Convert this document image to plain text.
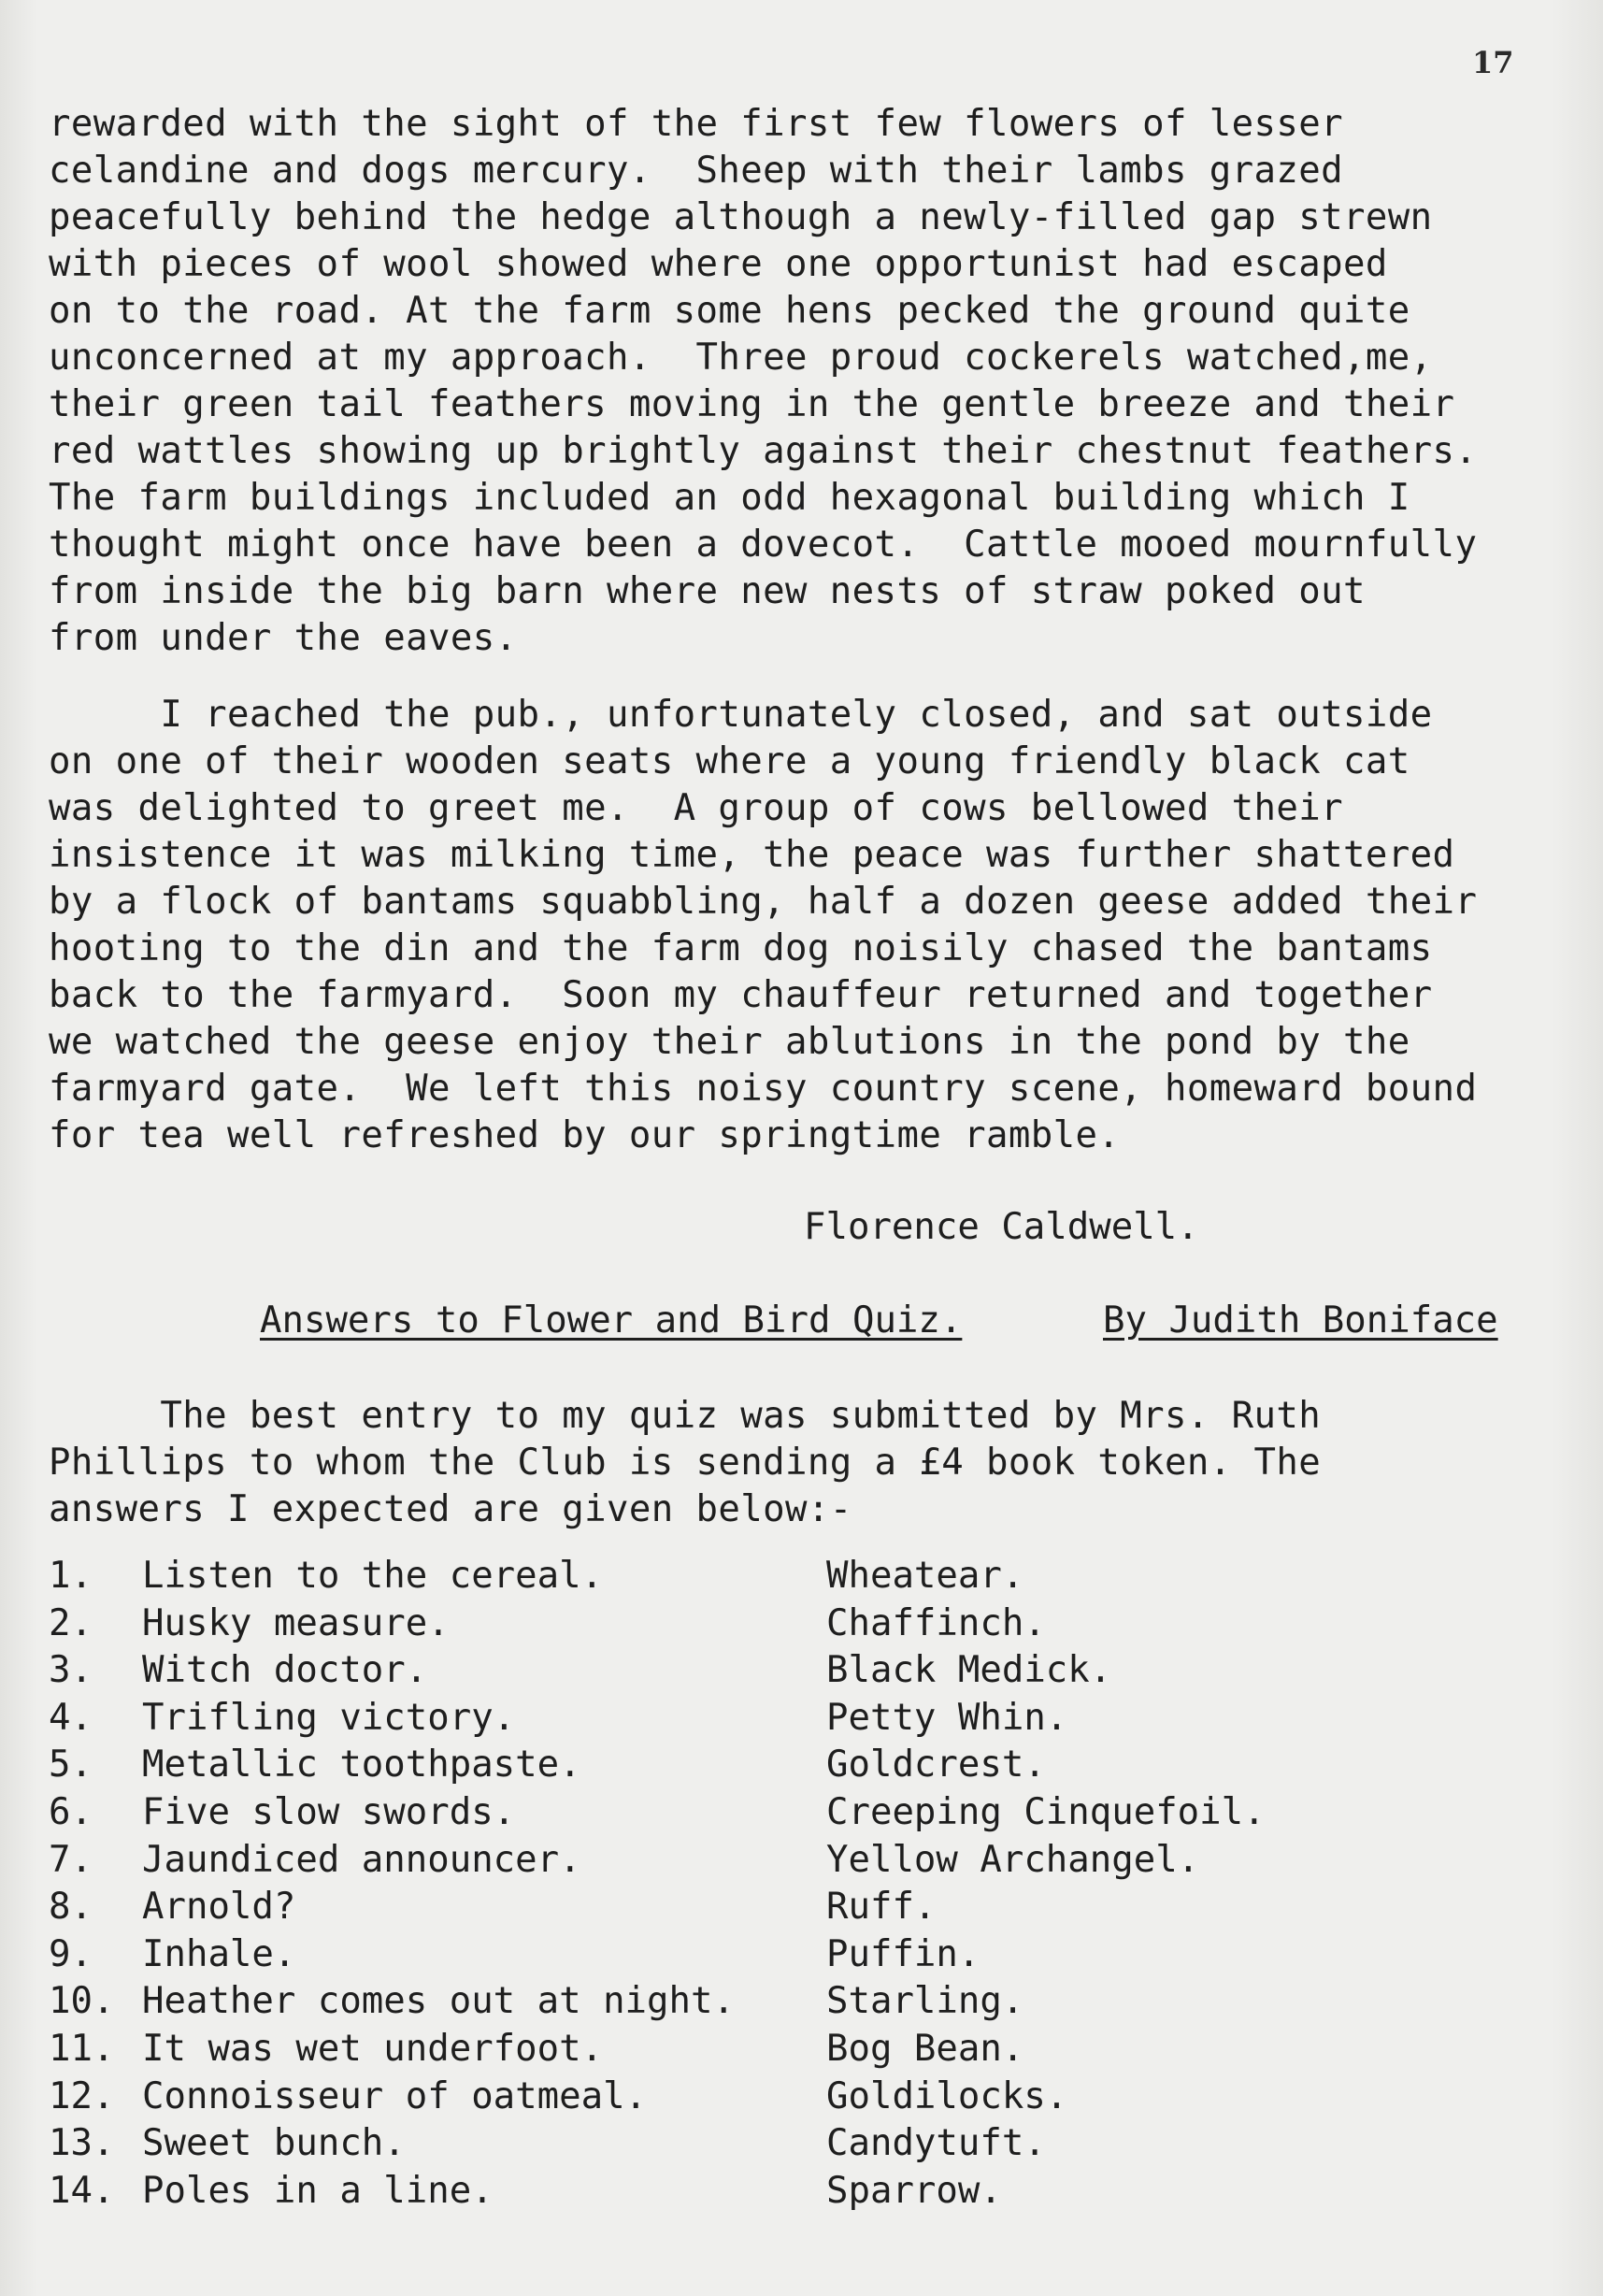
17
rewarded with the sight of the first few flowers of lesser
celandine and dogs mercury.  Sheep with their lambs grazed
peacefully behind the hedge although a newly-filled gap strewn
with pieces of wool showed where one opportunist had escaped
on to the road. At the farm some hens pecked the ground quite
unconcerned at my approach.  Three proud cockerels watched,me,
their green tail feathers moving in the gentle breeze and their
red wattles showing up brightly against their chestnut feathers.
The farm buildings included an odd hexagonal building which I
thought might once have been a dovecot.  Cattle mooed mournfully
from inside the big barn where new nests of straw poked out
from under the eaves.
I reached the pub., unfortunately closed, and sat outside
on one of their wooden seats where a young friendly black cat
was delighted to greet me.  A group of cows bellowed their
insistence it was milking time, the peace was further shattered
by a flock of bantams squabbling, half a dozen geese added their
hooting to the din and the farm dog noisily chased the bantams
back to the farmyard.  Soon my chauffeur returned and together
we watched the geese enjoy their ablutions in the pond by the
farmyard gate.  We left this noisy country scene, homeward bound
for tea well refreshed by our springtime ramble.
Florence Caldwell.
Answers to Flower and Bird Quiz.	By Judith Boniface
The best entry to my quiz was submitted by Mrs. Ruth
Phillips to whom the Club is sending a £4 book token. The
answers I expected are given below:-
1. Listen to the cereal.	Wheatear.
2. Husky measure.	Chaffinch.
3. Witch doctor.	Black Medick.
4. Trifling victory.	Petty Whin.
5. Metallic toothpaste.	Goldcrest.
6. Five slow swords.	Creeping Cinquefoil.
7. Jaundiced announcer.	Yellow Archangel.
8. Arnold?	Ruff.
9. Inhale.	Puffin.
10. Heather comes out at night.	Starling.
11. It was wet underfoot.	Bog Bean.
12. Connoisseur of oatmeal.	Goldilocks.
13. Sweet bunch.	Candytuft.
14. Poles in a line.	Sparrow.
